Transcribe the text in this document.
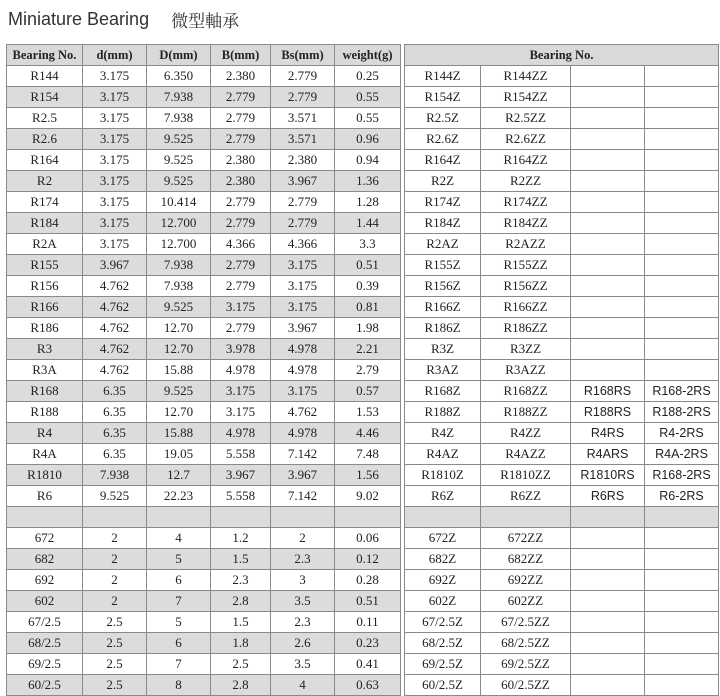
Miniature Bearing 微型軸承
Bearing No.	d(mm)	D(mm)	B(mm)	Bs(mm)	weight(g)		Bearing No.			
R144	3.175	6.350	2.380	2.779	0.25		R144Z	R144ZZ		
R154	3.175	7.938	2.779	2.779	0.55		R154Z	R154ZZ		
R2.5	3.175	7.938	2.779	3.571	0.55		R2.5Z	R2.5ZZ		
R2.6	3.175	9.525	2.779	3.571	0.96		R2.6Z	R2.6ZZ		
R164	3.175	9.525	2.380	2.380	0.94		R164Z	R164ZZ		
R2	3.175	9.525	2.380	3.967	1.36		R2Z	R2ZZ		
R174	3.175	10.414	2.779	2.779	1.28		R174Z	R174ZZ		
R184	3.175	12.700	2.779	2.779	1.44		R184Z	R184ZZ		
R2A	3.175	12.700	4.366	4.366	3.3		R2AZ	R2AZZ		
R155	3.967	7.938	2.779	3.175	0.51		R155Z	R155ZZ		
R156	4.762	7.938	2.779	3.175	0.39		R156Z	R156ZZ		
R166	4.762	9.525	3.175	3.175	0.81		R166Z	R166ZZ		
R186	4.762	12.70	2.779	3.967	1.98		R186Z	R186ZZ		
R3	4.762	12.70	3.978	4.978	2.21		R3Z	R3ZZ		
R3A	4.762	15.88	4.978	4.978	2.79		R3AZ	R3AZZ		
R168	6.35	9.525	3.175	3.175	0.57		R168Z	R168ZZ	R168RS	R168-2RS
R188	6.35	12.70	3.175	4.762	1.53		R188Z	R188ZZ	R188RS	R188-2RS
R4	6.35	15.88	4.978	4.978	4.46		R4Z	R4ZZ	R4RS	R4-2RS
R4A	6.35	19.05	5.558	7.142	7.48		R4AZ	R4AZZ	R4ARS	R4A-2RS
R1810	7.938	12.7	3.967	3.967	1.56		R1810Z	R1810ZZ	R1810RS	R168-2RS
R6	9.525	22.23	5.558	7.142	9.02		R6Z	R6ZZ	R6RS	R6-2RS

672	2	4	1.2	2	0.06		672Z	672ZZ		
682	2	5	1.5	2.3	0.12		682Z	682ZZ		
692	2	6	2.3	3	0.28		692Z	692ZZ		
602	2	7	2.8	3.5	0.51		602Z	602ZZ		
67/2.5	2.5	5	1.5	2.3	0.11		67/2.5Z	67/2.5ZZ		
68/2.5	2.5	6	1.8	2.6	0.23		68/2.5Z	68/2.5ZZ		
69/2.5	2.5	7	2.5	3.5	0.41		69/2.5Z	69/2.5ZZ		
60/2.5	2.5	8	2.8	4	0.63		60/2.5Z	60/2.5ZZ		
